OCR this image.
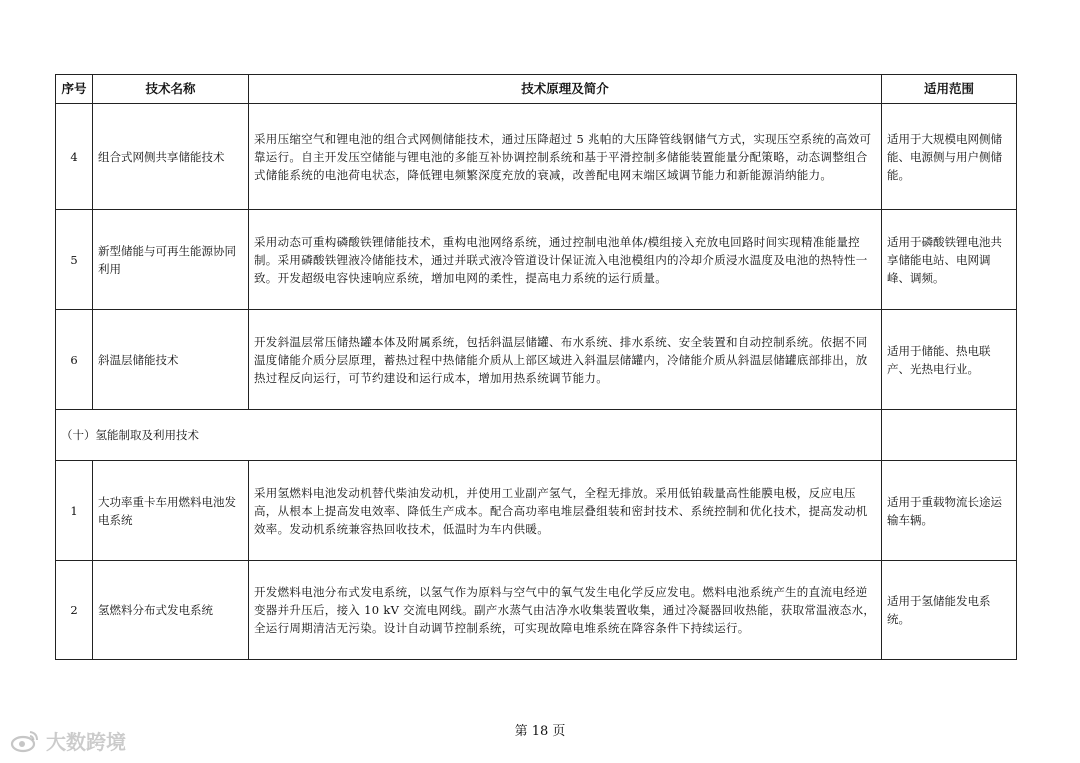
序号	技术名称	技术原理及简介	适用范围
4	组合式网侧共享储能技术	采用压缩空气和锂电池的组合式网侧储能技术，通过压降超过 5 兆帕的大压降管线钢储气方式，实现压空系统的高效可靠运行。自主开发压空储能与锂电池的多能互补协调控制系统和基于平滑控制多储能装置能量分配策略，动态调整组合式储能系统的电池荷电状态，降低锂电频繁深度充放的衰减，改善配电网末端区域调节能力和新能源消纳能力。	适用于大规模电网侧储能、电源侧与用户侧储能。
5	新型储能与可再生能源协同利用	采用动态可重构磷酸铁锂储能技术，重构电池网络系统，通过控制电池单体/模组接入充放电回路时间实现精准能量控制。采用磷酸铁锂液冷储能技术，通过并联式液冷管道设计保证流入电池模组内的冷却介质浸水温度及电池的热特性一致。开发超级电容快速响应系统，增加电网的柔性，提高电力系统的运行质量。	适用于磷酸铁锂电池共享储能电站、电网调峰、调频。
6	斜温层储能技术	开发斜温层常压储热罐本体及附属系统，包括斜温层储罐、布水系统、排水系统、安全装置和自动控制系统。依据不同温度储能介质分层原理，蓄热过程中热储能介质从上部区域进入斜温层储罐内，冷储能介质从斜温层储罐底部排出，放热过程反向运行，可节约建设和运行成本，增加用热系统调节能力。	适用于储能、热电联产、光热电行业。
（十）氢能制取及利用技术			
1	大功率重卡车用燃料电池发电系统	采用氢燃料电池发动机替代柴油发动机，并使用工业副产氢气，全程无排放。采用低铂载量高性能膜电极，反应电压高，从根本上提高发电效率、降低生产成本。配合高功率电堆层叠组装和密封技术、系统控制和优化技术，提高发动机效率。发动机系统兼容热回收技术，低温时为车内供暖。	适用于重载物流长途运输车辆。
2	氢燃料分布式发电系统	开发燃料电池分布式发电系统，以氢气作为原料与空气中的氧气发生电化学反应发电。燃料电池系统产生的直流电经逆变器并升压后，接入 10 kV 交流电网线。副产水蒸气由洁净水收集装置收集，通过冷凝器回收热能，获取常温液态水，全运行周期清洁无污染。设计自动调节控制系统，可实现故障电堆系统在降容条件下持续运行。	适用于氢储能发电系统。
第 18 页
大数跨境
